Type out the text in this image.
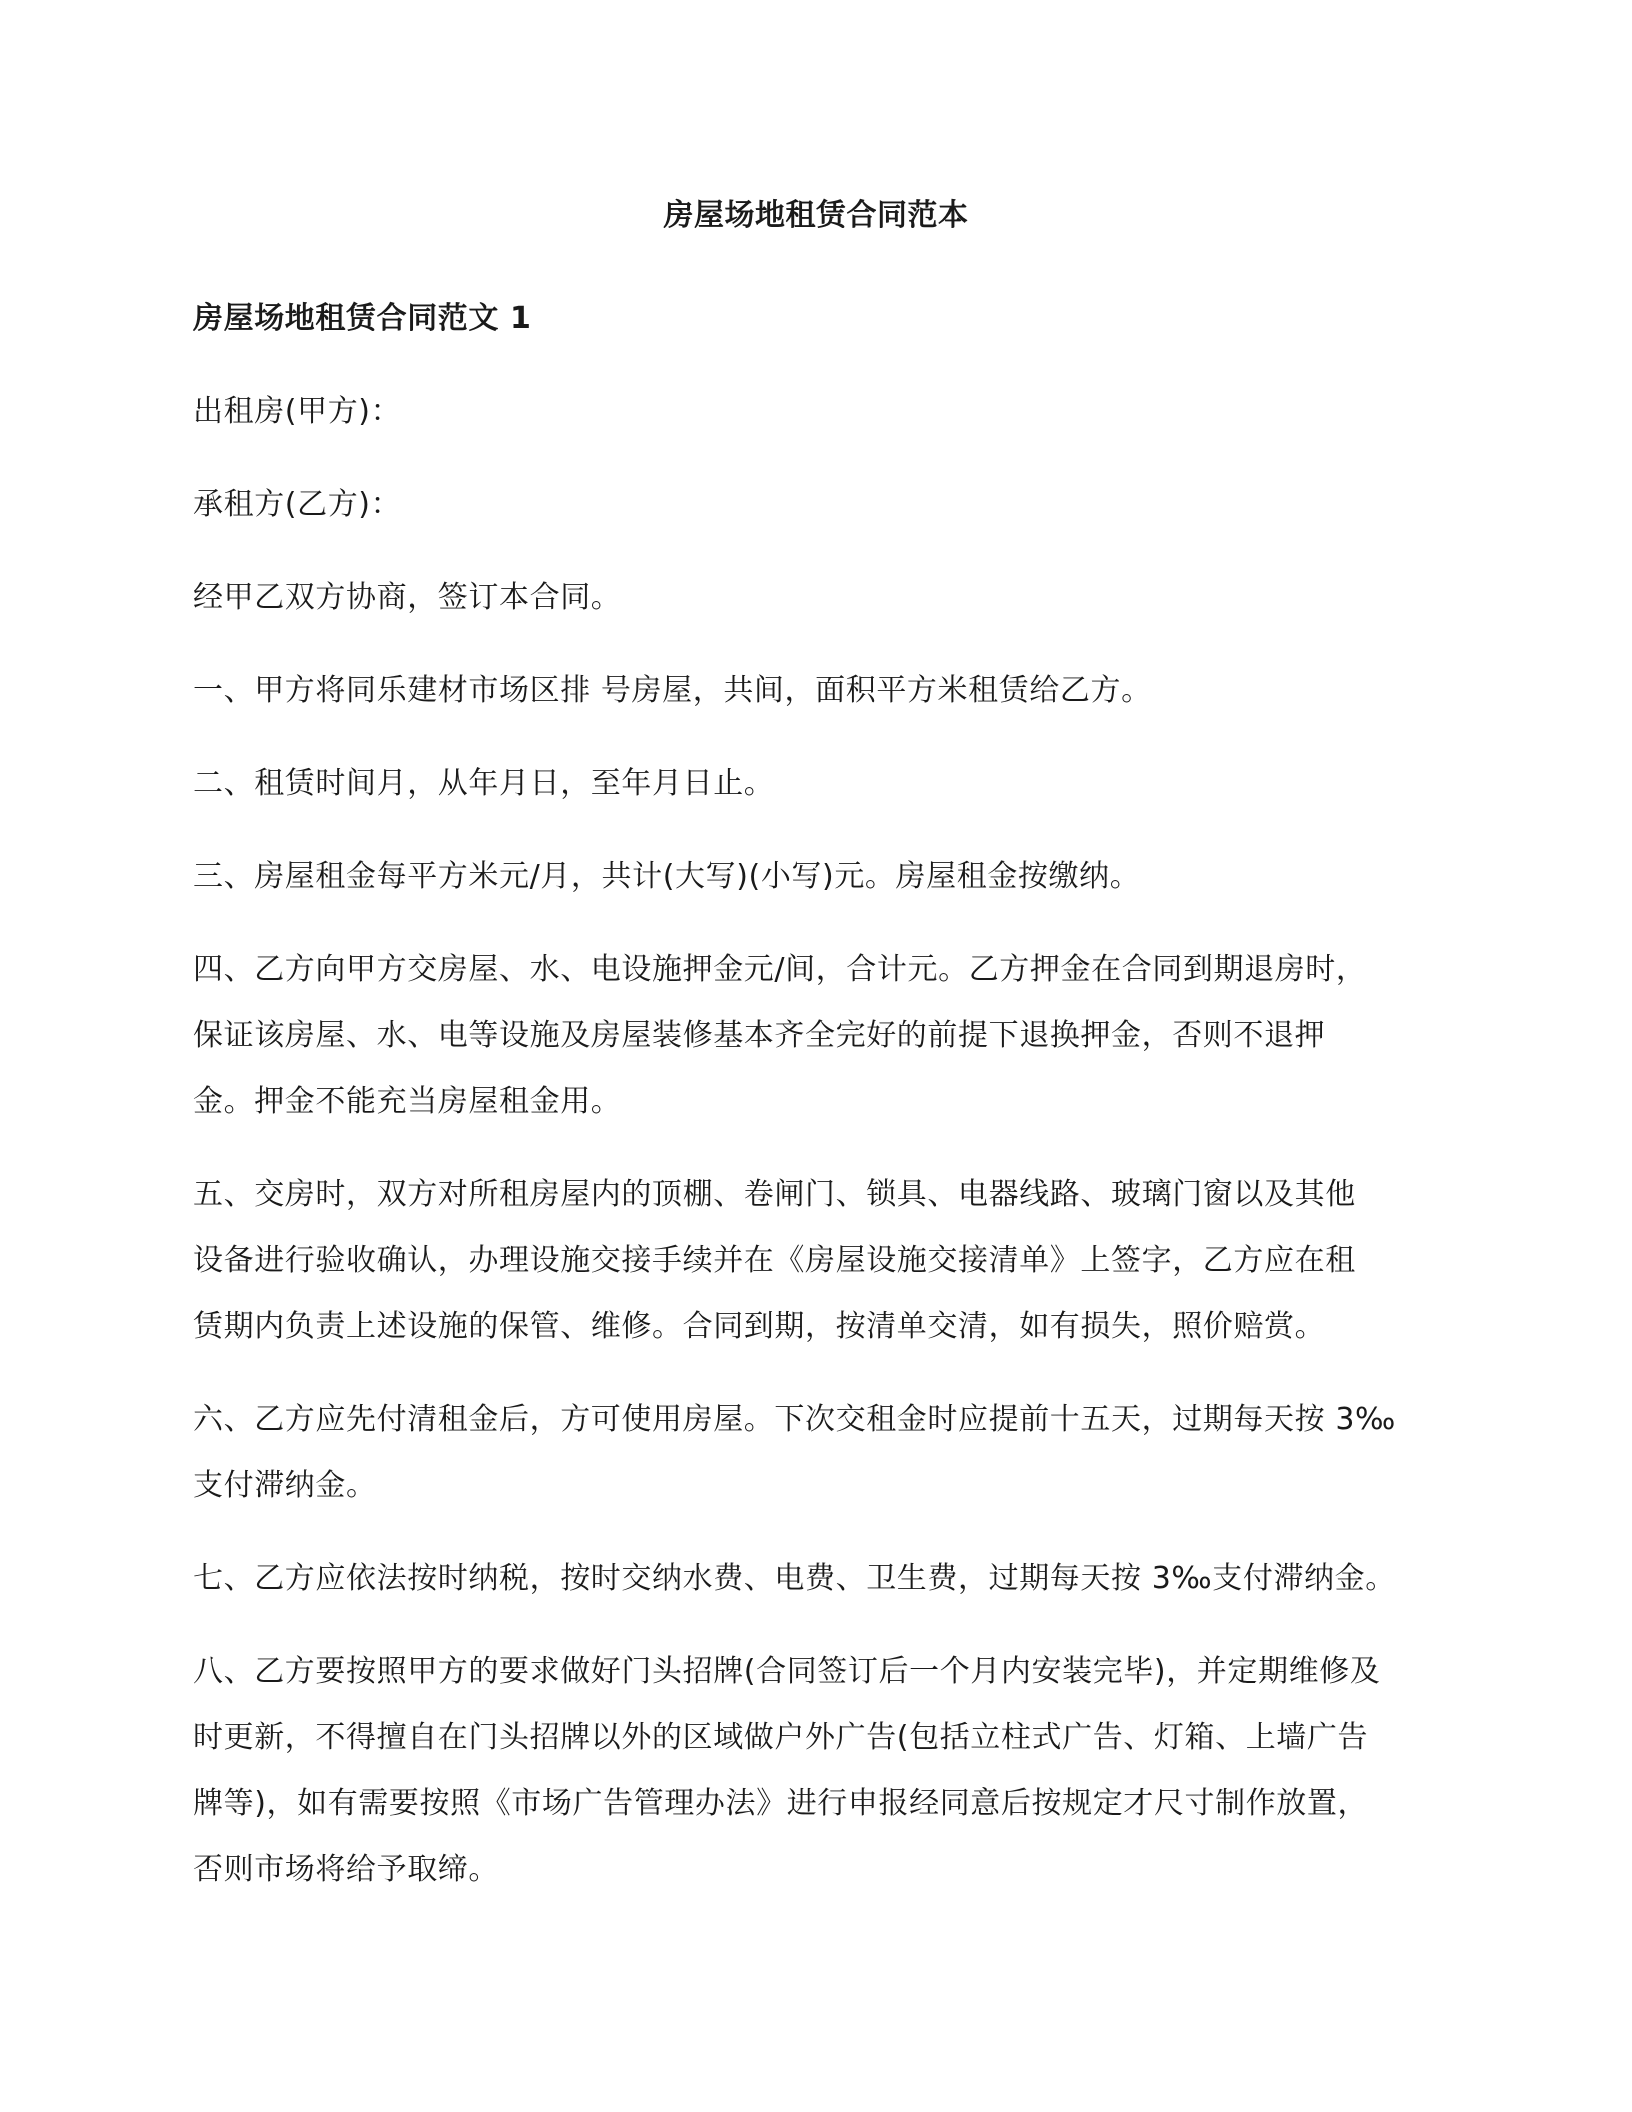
房屋场地租赁合同范本

房屋场地租赁合同范文 1

出租房(甲方)：

承租方(乙方)：

经甲乙双方协商，签订本合同。

一、甲方将同乐建材市场区排 号房屋，共间，面积平方米租赁给乙方。

二、租赁时间月，从年月日，至年月日止。

三、房屋租金每平方米元/月，共计(大写)(小写)元。房屋租金按缴纳。

四、乙方向甲方交房屋、水、电设施押金元/间，合计元。乙方押金在合同到期退房时，
保证该房屋、水、电等设施及房屋装修基本齐全完好的前提下退换押金，否则不退押
金。押金不能充当房屋租金用。

五、交房时，双方对所租房屋内的顶棚、卷闸门、锁具、电器线路、玻璃门窗以及其他
设备进行验收确认，办理设施交接手续并在《房屋设施交接清单》上签字，乙方应在租
赁期内负责上述设施的保管、维修。合同到期，按清单交清，如有损失，照价赔赏。

六、乙方应先付清租金后，方可使用房屋。下次交租金时应提前十五天，过期每天按 3‰
支付滞纳金。

七、乙方应依法按时纳税，按时交纳水费、电费、卫生费，过期每天按 3‰支付滞纳金。

八、乙方要按照甲方的要求做好门头招牌(合同签订后一个月内安装完毕)，并定期维修及
时更新，不得擅自在门头招牌以外的区域做户外广告(包括立柱式广告、灯箱、上墙广告
牌等)，如有需要按照《市场广告管理办法》进行申报经同意后按规定才尺寸制作放置，
否则市场将给予取缔。
